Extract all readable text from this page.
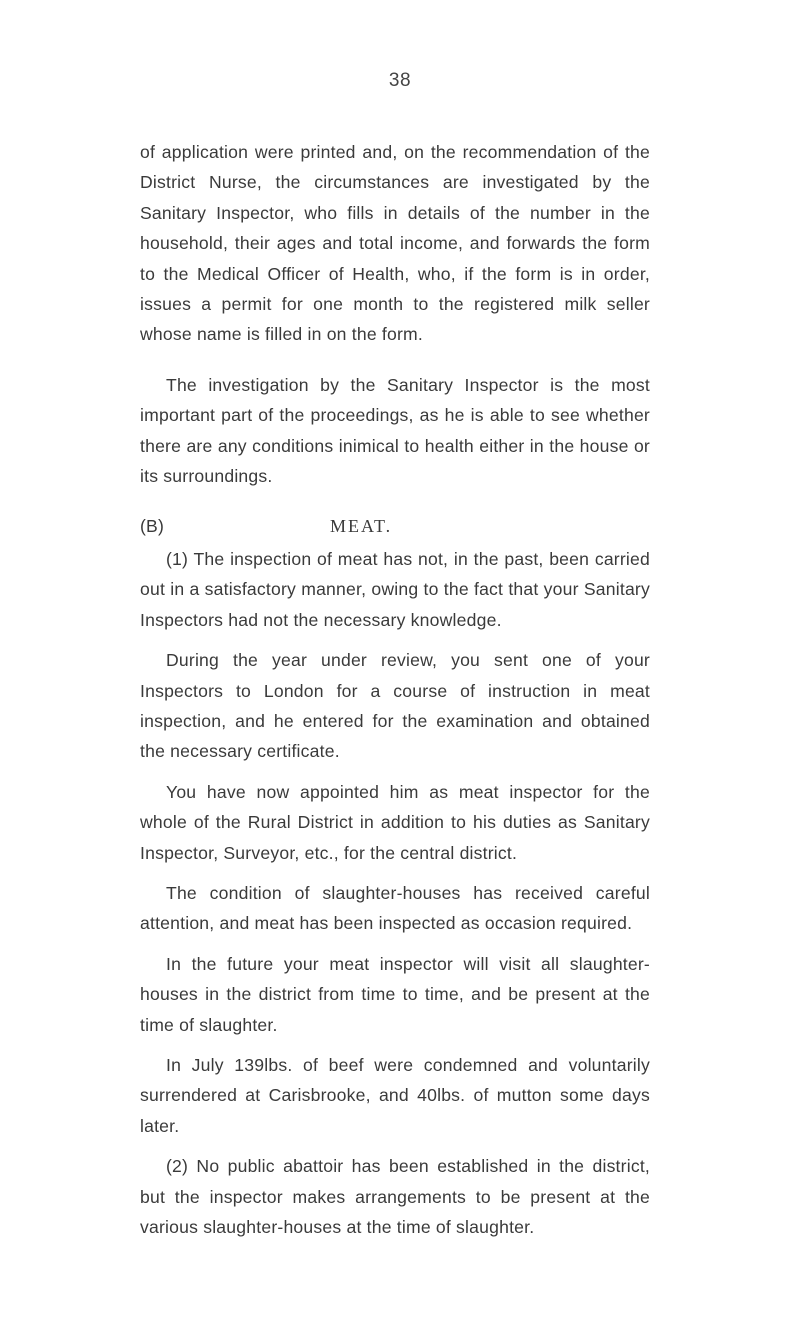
38

of application were printed and, on the recommendation of the District Nurse, the circumstances are investigated by the Sanitary Inspector, who fills in details of the number in the household, their ages and total income, and forwards the form to the Medical Officer of Health, who, if the form is in order, issues a permit for one month to the registered milk seller whose name is filled in on the form.

The investigation by the Sanitary Inspector is the most important part of the proceedings, as he is able to see whether there are any conditions inimical to health either in the house or its surroundings.

(B)	MEAT.

(1) The inspection of meat has not, in the past, been carried out in a satisfactory manner, owing to the fact that your Sanitary Inspectors had not the necessary knowledge.

During the year under review, you sent one of your Inspectors to London for a course of instruction in meat inspection, and he entered for the examination and obtained the necessary certificate.

You have now appointed him as meat inspector for the whole of the Rural District in addition to his duties as Sanitary Inspector, Surveyor, etc., for the central district.

The condition of slaughter-houses has received careful attention, and meat has been inspected as occasion required.

In the future your meat inspector will visit all slaughter-houses in the district from time to time, and be present at the time of slaughter.

In July 139lbs. of beef were condemned and voluntarily surrendered at Carisbrooke, and 40lbs. of mutton some days later.

(2) No public abattoir has been established in the district, but the inspector makes arrangements to be present at the various slaughter-houses at the time of slaughter.
